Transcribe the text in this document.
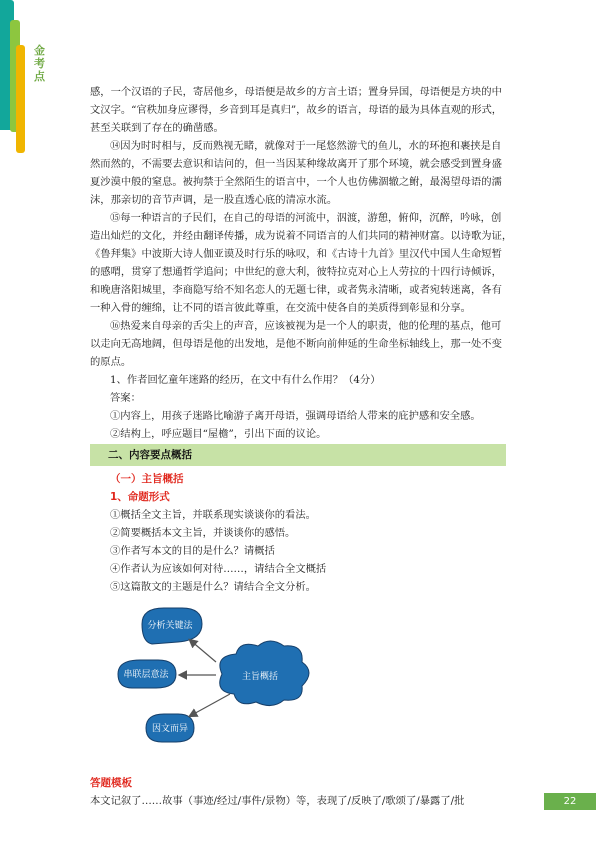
金
考
点

感，一个汉语的子民，寄居他乡，母语便是故乡的方言土语；置身异国，母语便是方块的中

文汉字。“官秩加身应谬得，乡音到耳是真归”，故乡的语言，母语的最为具体直观的形式，

甚至关联到了存在的确凿感。

⑭因为时时相与，反而熟视无睹，就像对于一尾悠然游弋的鱼儿，水的环抱和裹挟是自

然而然的，不需要去意识和诘问的，但一当因某种缘故离开了那个环境，就会感受到置身盛

夏沙漠中般的窒息。被拘禁于全然陌生的语言中，一个人也仿佛涸辙之鲋，最渴望母语的濡

沫，那亲切的音节声调，是一股直透心底的清凉水流。

⑮每一种语言的子民们，在自己的母语的河流中，泅渡，游憩，俯仰，沉醉，吟咏，创

造出灿烂的文化，并经由翻译传播，成为说着不同语言的人们共同的精神财富。以诗歌为证，

《鲁拜集》中波斯大诗人伽亚谟及时行乐的咏叹，和《古诗十九首》里汉代中国人生命短暂

的感喟，贯穿了想通哲学追问；中世纪的意大利，彼特拉克对心上人劳拉的十四行诗倾诉，

和晚唐洛阳城里，李商隐写给不知名恋人的无题七律，或者隽永清晰，或者宛转迷离，各有

一种入骨的缠绵，让不同的语言彼此尊重，在交流中使各自的美质得到彰显和分享。

⑯热爱来自母亲的舌尖上的声音，应该被视为是一个人的职责，他的伦理的基点，他可

以走向无高地阔，但母语是他的出发地，是他不断向前伸延的生命坐标轴线上，那一处不变

的原点。

1、作者回忆童年迷路的经历，在文中有什么作用？（4分）

答案：

①内容上，用孩子迷路比喻游子离开母语，强调母语给人带来的庇护感和安全感。

②结构上，呼应题目“屋檐”，引出下面的议论。

二、内容要点概括

（一）主旨概括

1、命题形式

①概括全文主旨，并联系现实谈谈你的看法。

②简要概括本文主旨，并谈谈你的感悟。

③作者写本文的目的是什么？请概括

④作者认为应该如何对待……，请结合全文概括

⑤这篇散文的主题是什么？请结合全文分析。

分析关键法
串联层意法
因文而异
主旨概括

答题模板

本文记叙了……故事（事迹/经过/事件/景物）等，表现了/反映了/歌颂了/暴露了/批	22
